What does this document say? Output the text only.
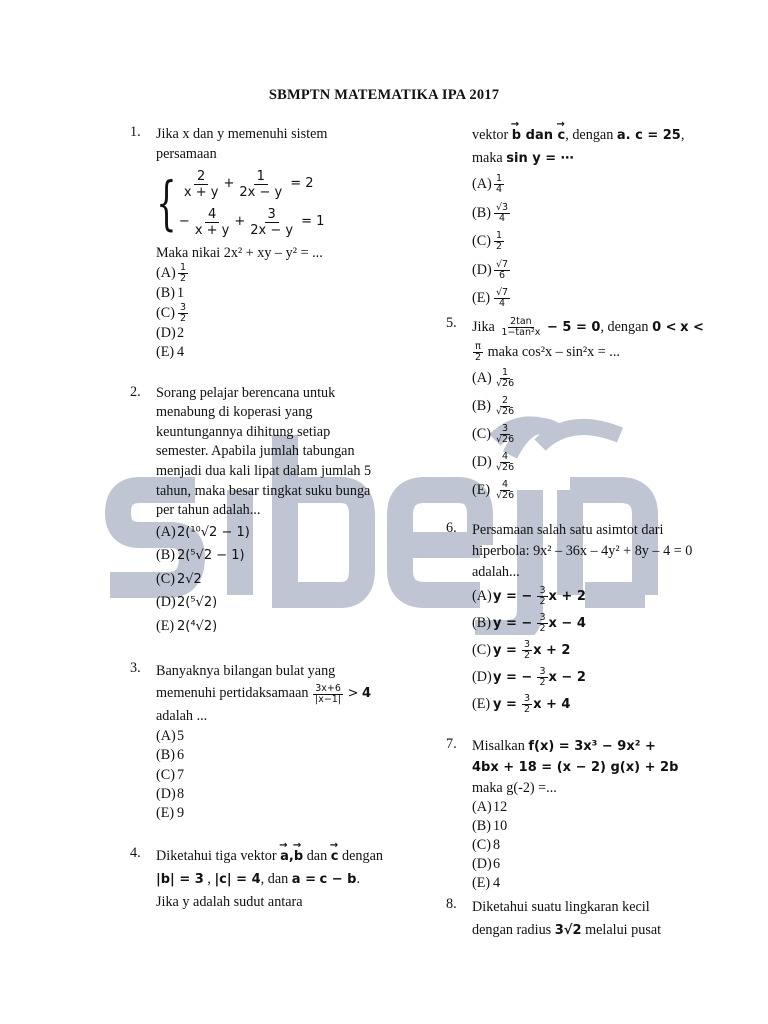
SBMPTN MATEMATIKA IPA 2017
1.	Jika x dan y memenuhi sistem persamaan
{ $\frac{2}{x + y} + \frac{1}{2x - y} = 2$
− $\frac{4}{x + y} + \frac{3}{2x - y} = 1$
Maka nikai 2x² + xy – y² = ...
$(A) \frac{1}{2}$
(B) 1
$(C) \frac{3}{2}$
(D)2
(E) 4
2.	Sorang pelajar berencana untuk menabung di koperasi yang keuntungannya dihitung setiap semester. Apabila jumlah tabungan menjadi dua kali lipat dalam jumlah 5 tahun, maka besar tingkat suku bunga per tahun adalah...
(A)2(¹⁰√2 − 1)
(B) 2(⁵√2 − 1)
(C) 2√2
(D)2(⁵√2)
(E) 2(⁴√2)
3.	Banyaknya bilangan bulat yang memenuhi pertidaksamaan $\frac{3x+6}{|x-1|} > 4$ adalah ...
(A)5
(B) 6
(C) 7
(D)8
(E) 9
4.	Diketahui tiga vektor → a,→ b dan → c dengan |b| = 3 , |c| = 4, dan a = c − b. Jika y adalah sudut antara
vektor → b dan → c, dengan a. c = 25, maka sin y = ⋯
$(A) \frac{1}{4}$
$(B) \frac{√3}{4}$
$(C) \frac{1}{2}$
$(D) \frac{√7}{6}$
$(E) \frac{√7}{4}$
5.	Jika $\frac{2\tan}{\text{1−tan²x}} - 5 = 0$, dengan 0 < x <
$\frac{\pi}{2}$ maka cos²x – sin²x = ...
$(A) \frac{1}{√26}$
$(B) \frac{2}{√26}$
$(C) \frac{3}{√26}$
$(D) \frac{4}{√26}$
$(E) \frac{4}{√26}$
6.	Persamaan salah satu asimtot dari hiperbola: 9x² – 36x – 4y² + 8y – 4 = 0 adalah...
(A)y = − $\frac{3}{2}$ x + 2
(B) y = − $\frac{3}{2}$ x − 4
(C) $y = \frac{3}{2}$ x + 2
(D)y = − $\frac{3}{2}$ x − 2
(E) $y = \frac{3}{2}$ x + 4
7.	Misalkan f(x) = 3x³ − 9x² +
4bx + 18 = (x − 2) g(x) + 2b
maka g(-2) =...
(A)12
(B) 10
(C) 8
(D)6
(E) 4
8.	Diketahui suatu lingkaran kecil
dengan radius 3√2 melalui pusat
